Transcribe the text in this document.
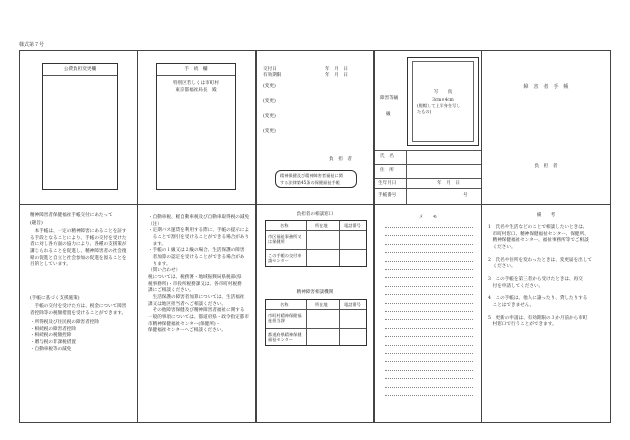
様式第７号
公費負担変更欄	手　続　欄
特別区若しくは市町村
東京都福祉局長　殿
交付日	年　月　日
有効期限	年　月　日
(変更)
(変更)
(変更)
(変更)
負　担　者
精神保健及び精神障害者福祉に関
する法律第45条の保健福祉手帳
障害等級
級
写　　真
3cm×4cm
(脱帽して上半身を写し
たもの)
氏　名
住　所
生年月日	年　月　日
手帳番号	号
障　害　者　手　帳
負　担　者
精神障害者保健福祉手帳交付にあたって
(趣旨)
　本手帳は、一定の精神障害にあることを証す
る手段となることにより、手帳の交付を受けた
者に対し各方面の協力により、各種の支援策が
講じられることを促進し、精神障害者の社会復
帰の促進と自立と社会参加の促進を図ることを
目的としています。
(手帳に基づく支援施策)
　手帳の交付を受けた方は、税金について障害
者控除等の税額措置を受けることができます。
・所得税及び住民税の障害者控除
・相続税の障害者控除
・相続税の税額控除
・贈与税の非課税措置
・自動車税等の減免
・自動車税、軽自動車税及び自動車取得税の減免
（注）
・定期バス運賃を利用する際に、手帳の提示によ
　ることで割引を受けることができる場合があり
　ます。
・手帳の１級又は２級の場合、生活保護の障害
　者加算の認定を受けることができる場合があ
　ります。
（問い合わせ）
税については、税務署・地域振興局県税部(県
税事務所)・市役所税務課又は、各市町村税務
課にご相談ください。
　生活保護の障害者加算については、生活福祉
課又は地区担当者へご相談ください。
　その他障害保健及び精神障害者福祉に関する
一般的事項については、都道府県・政令指定都市
市精神保健福祉センター(保健所)・
保健福祉センターへご相談ください。
負担者の相談窓口
名称	所在地	電話番号
市区福祉事務所又は保健所
この手帳の交付申請センター
精神障害相談機関
名称	所在地	電話番号
市町村精神保健福祉担当課
都道府県精神保健福祉センター
メ　　モ	備　　考
1　氏名や生活などのことで相談したいときは、
　市町村窓口、精神保健福祉センター、保健所、
　精神保健福祉センター、福祉事務所等でご相談
　ください。
2　氏名や住所を変わったときは、変更届を出して
　ください。
3　この手帳を第三者から受けたときは、再交
　付を申請してください。
4　この手帳は、他人に譲ったり、貸したりする
　ことはできません。
5　更新の申請は、有効期限の３か月前から市町
　村窓口で行うことができます。
